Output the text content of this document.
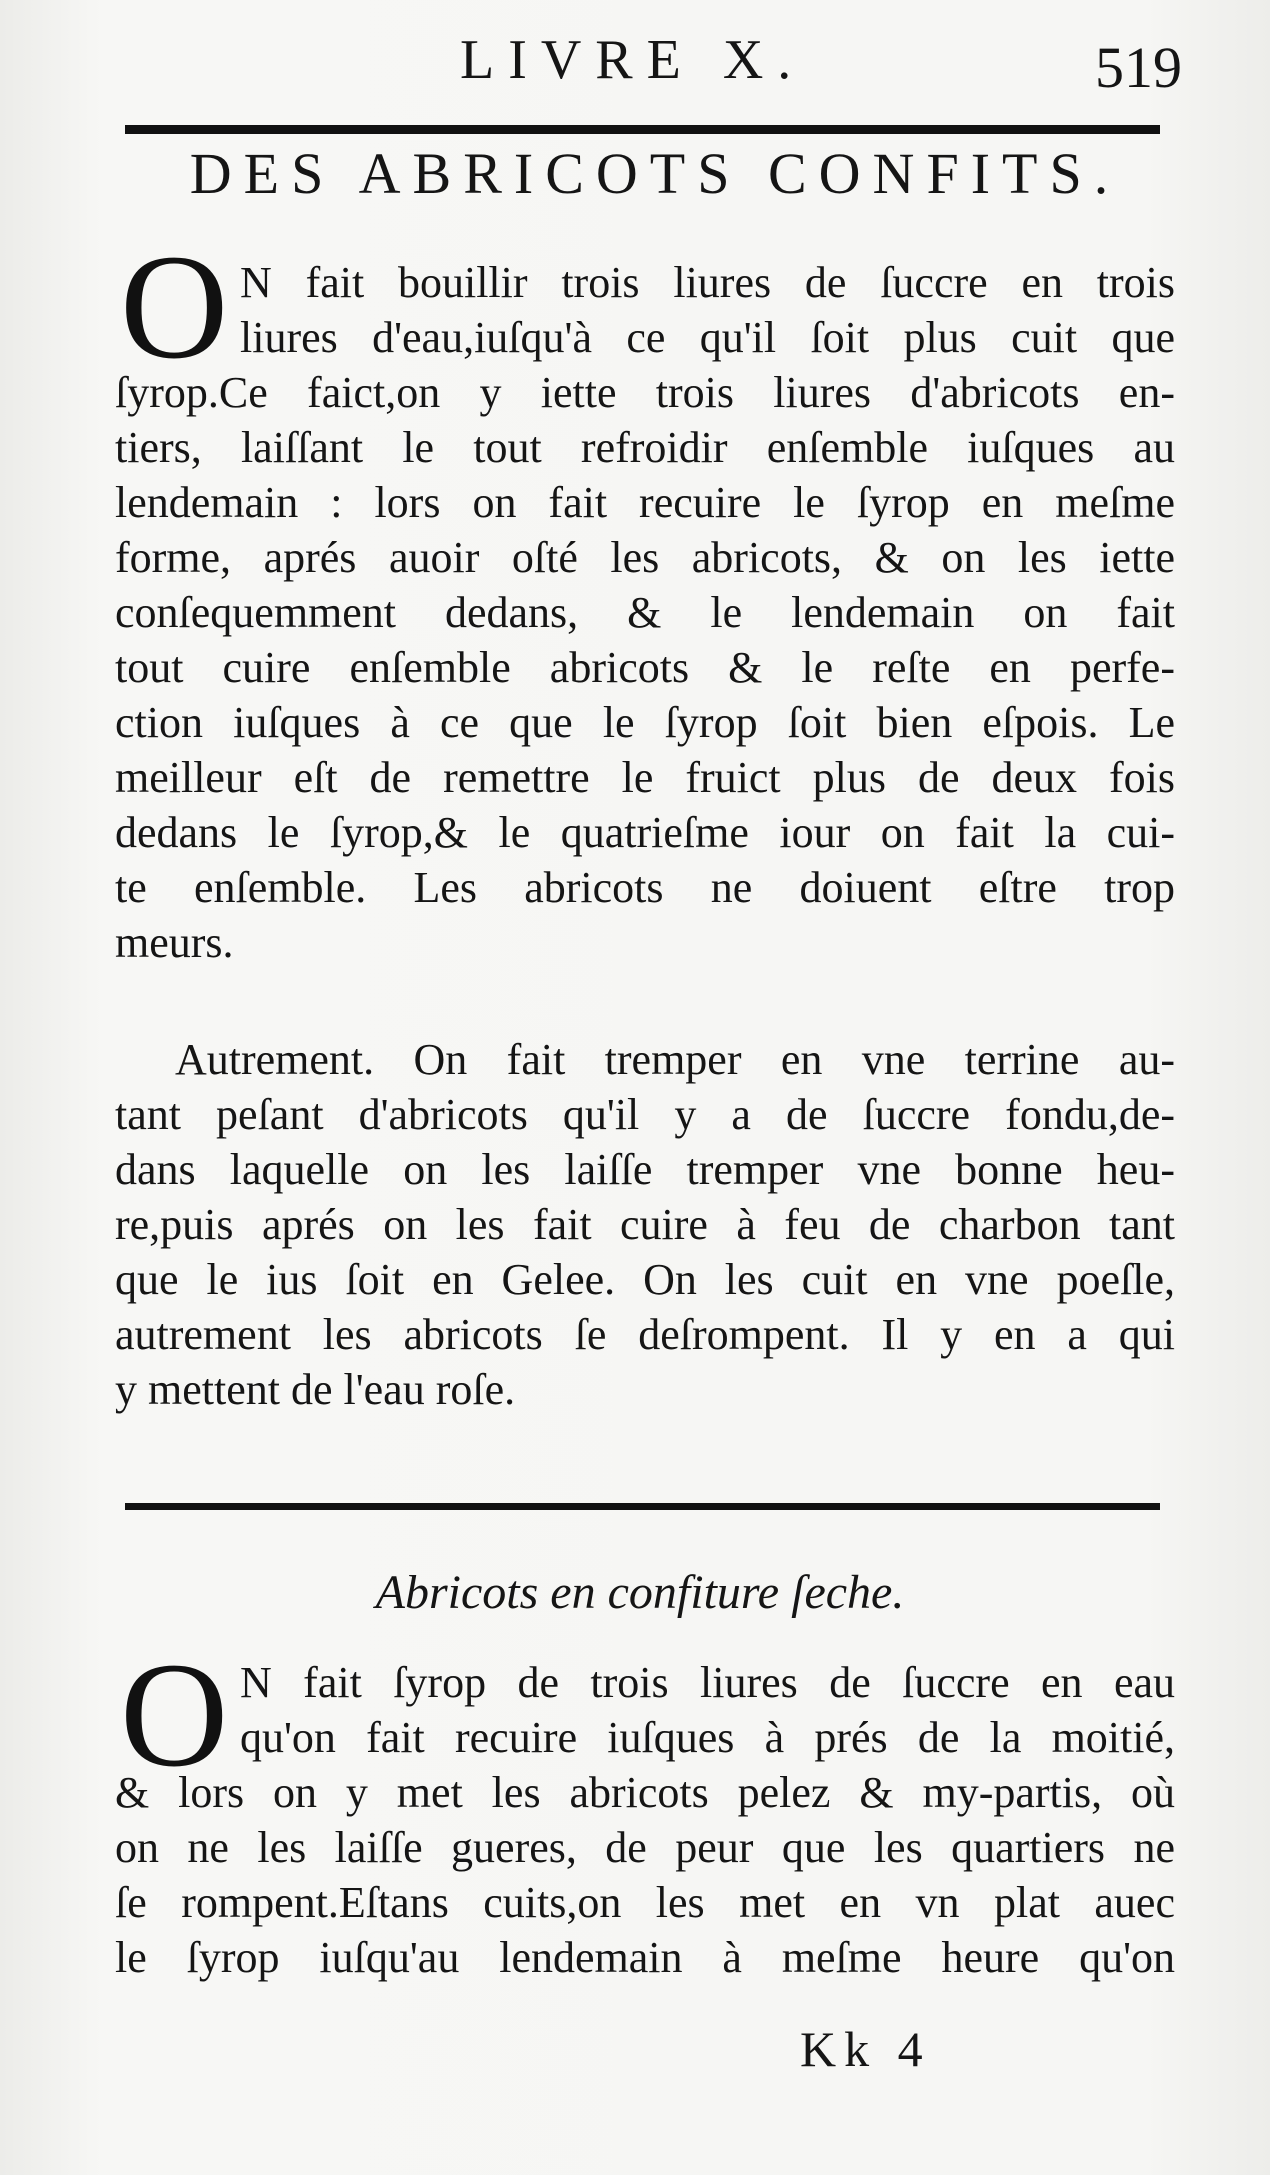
LIVRE X.	519
DES ABRICOTS CONFITS.
O N fait bouillir trois liures de ſuccre en trois
liures d'eau,iuſqu'à ce qu'il ſoit plus cuit que
ſyrop.Ce faict,on y iette trois liures d'abricots en-
tiers, laiſſant le tout refroidir enſemble iuſques au
lendemain : lors on fait recuire le ſyrop en meſme
forme, aprés auoir oſté les abricots, & on les iette
conſequemment dedans, & le lendemain on fait
tout cuire enſemble abricots & le reſte en perfe-
ction iuſques à ce que le ſyrop ſoit bien eſpois. Le
meilleur eſt de remettre le fruict plus de deux fois
dedans le ſyrop,& le quatrieſme iour on fait la cui-
te enſemble. Les abricots ne doiuent eſtre trop
meurs.
Autrement. On fait tremper en vne terrine au-
tant peſant d'abricots qu'il y a de ſuccre fondu,de-
dans laquelle on les laiſſe tremper vne bonne heu-
re,puis aprés on les fait cuire à feu de charbon tant
que le ius ſoit en Gelee. On les cuit en vne poeſle,
autrement les abricots ſe deſrompent. Il y en a qui
y mettent de l'eau roſe.
Abricots en confiture ſeche.
O N fait ſyrop de trois liures de ſuccre en eau
qu'on fait recuire iuſques à prés de la moitié,
& lors on y met les abricots pelez & my-partis, où
on ne les laiſſe gueres, de peur que les quartiers ne
ſe rompent.Eſtans cuits,on les met en vn plat auec
le ſyrop iuſqu'au lendemain à meſme heure qu'on
Kk 4
